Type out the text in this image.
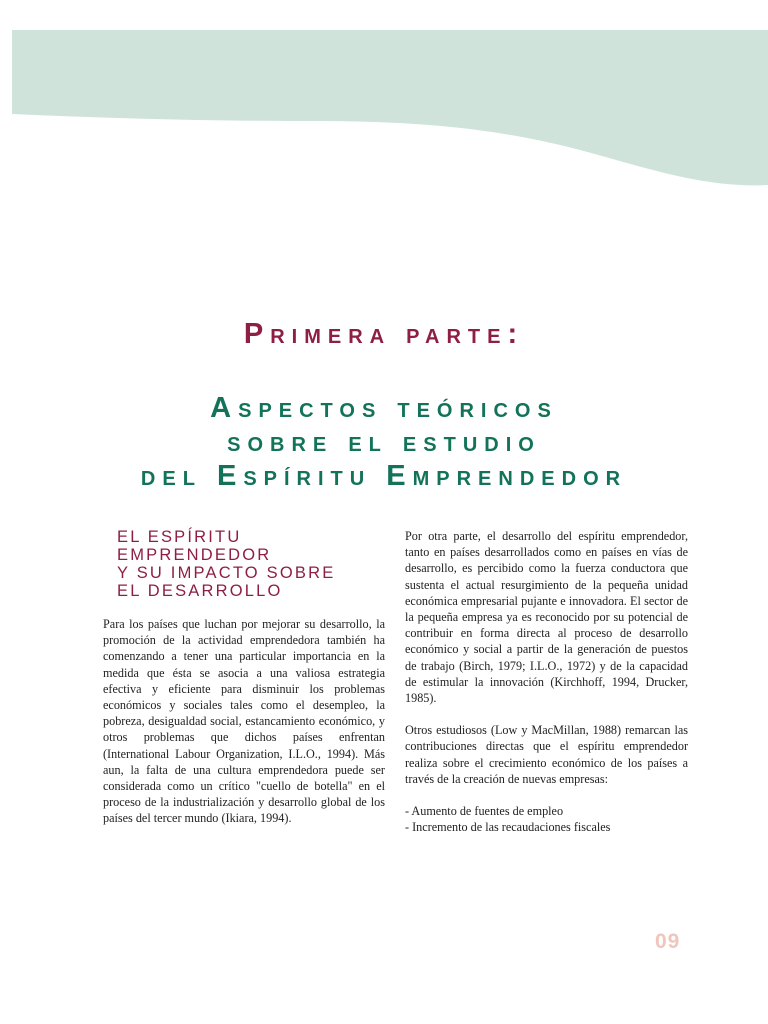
Primera parte:
Aspectos teóricos
sobre el estudio
del Espíritu Emprendedor
EL ESPÍRITU
EMPRENDEDOR
Y SU IMPACTO SOBRE
EL DESARROLLO

Para los países que luchan por mejorar su desarrollo, la promoción de la actividad emprendedora también ha comenzando a tener una particular importancia en la medida que ésta se asocia a una valiosa estrategia efectiva y eficiente para disminuir los problemas económicos y sociales tales como el desempleo, la pobreza, desigualdad social, estancamiento económico, y otros problemas que dichos países enfrentan (International Labour Organization, I.L.O., 1994). Más aun, la falta de una cultura emprendedora puede ser considerada como un crítico "cuello de botella" en el proceso de la industrialización y desarrollo global de los países del tercer mundo (Ikiara, 1994).

Por otra parte, el desarrollo del espíritu emprendedor, tanto en países desarrollados como en países en vías de desarrollo, es percibido como la fuerza conductora que sustenta el actual resurgimiento de la pequeña unidad económica empresarial pujante e innovadora. El sector de la pequeña empresa ya es reconocido por su potencial de contribuir en forma directa al proceso de desarrollo económico y social a partir de la generación de puestos de trabajo (Birch, 1979; I.L.O., 1972) y de la capacidad de estimular la innovación (Kirchhoff, 1994, Drucker, 1985).

Otros estudiosos (Low y MacMillan, 1988) remarcan las contribuciones directas que el espíritu emprendedor realiza sobre el crecimiento económico de los países a través de la creación de nuevas empresas:

- Aumento de fuentes de empleo
- Incremento de las recaudaciones fiscales
09
